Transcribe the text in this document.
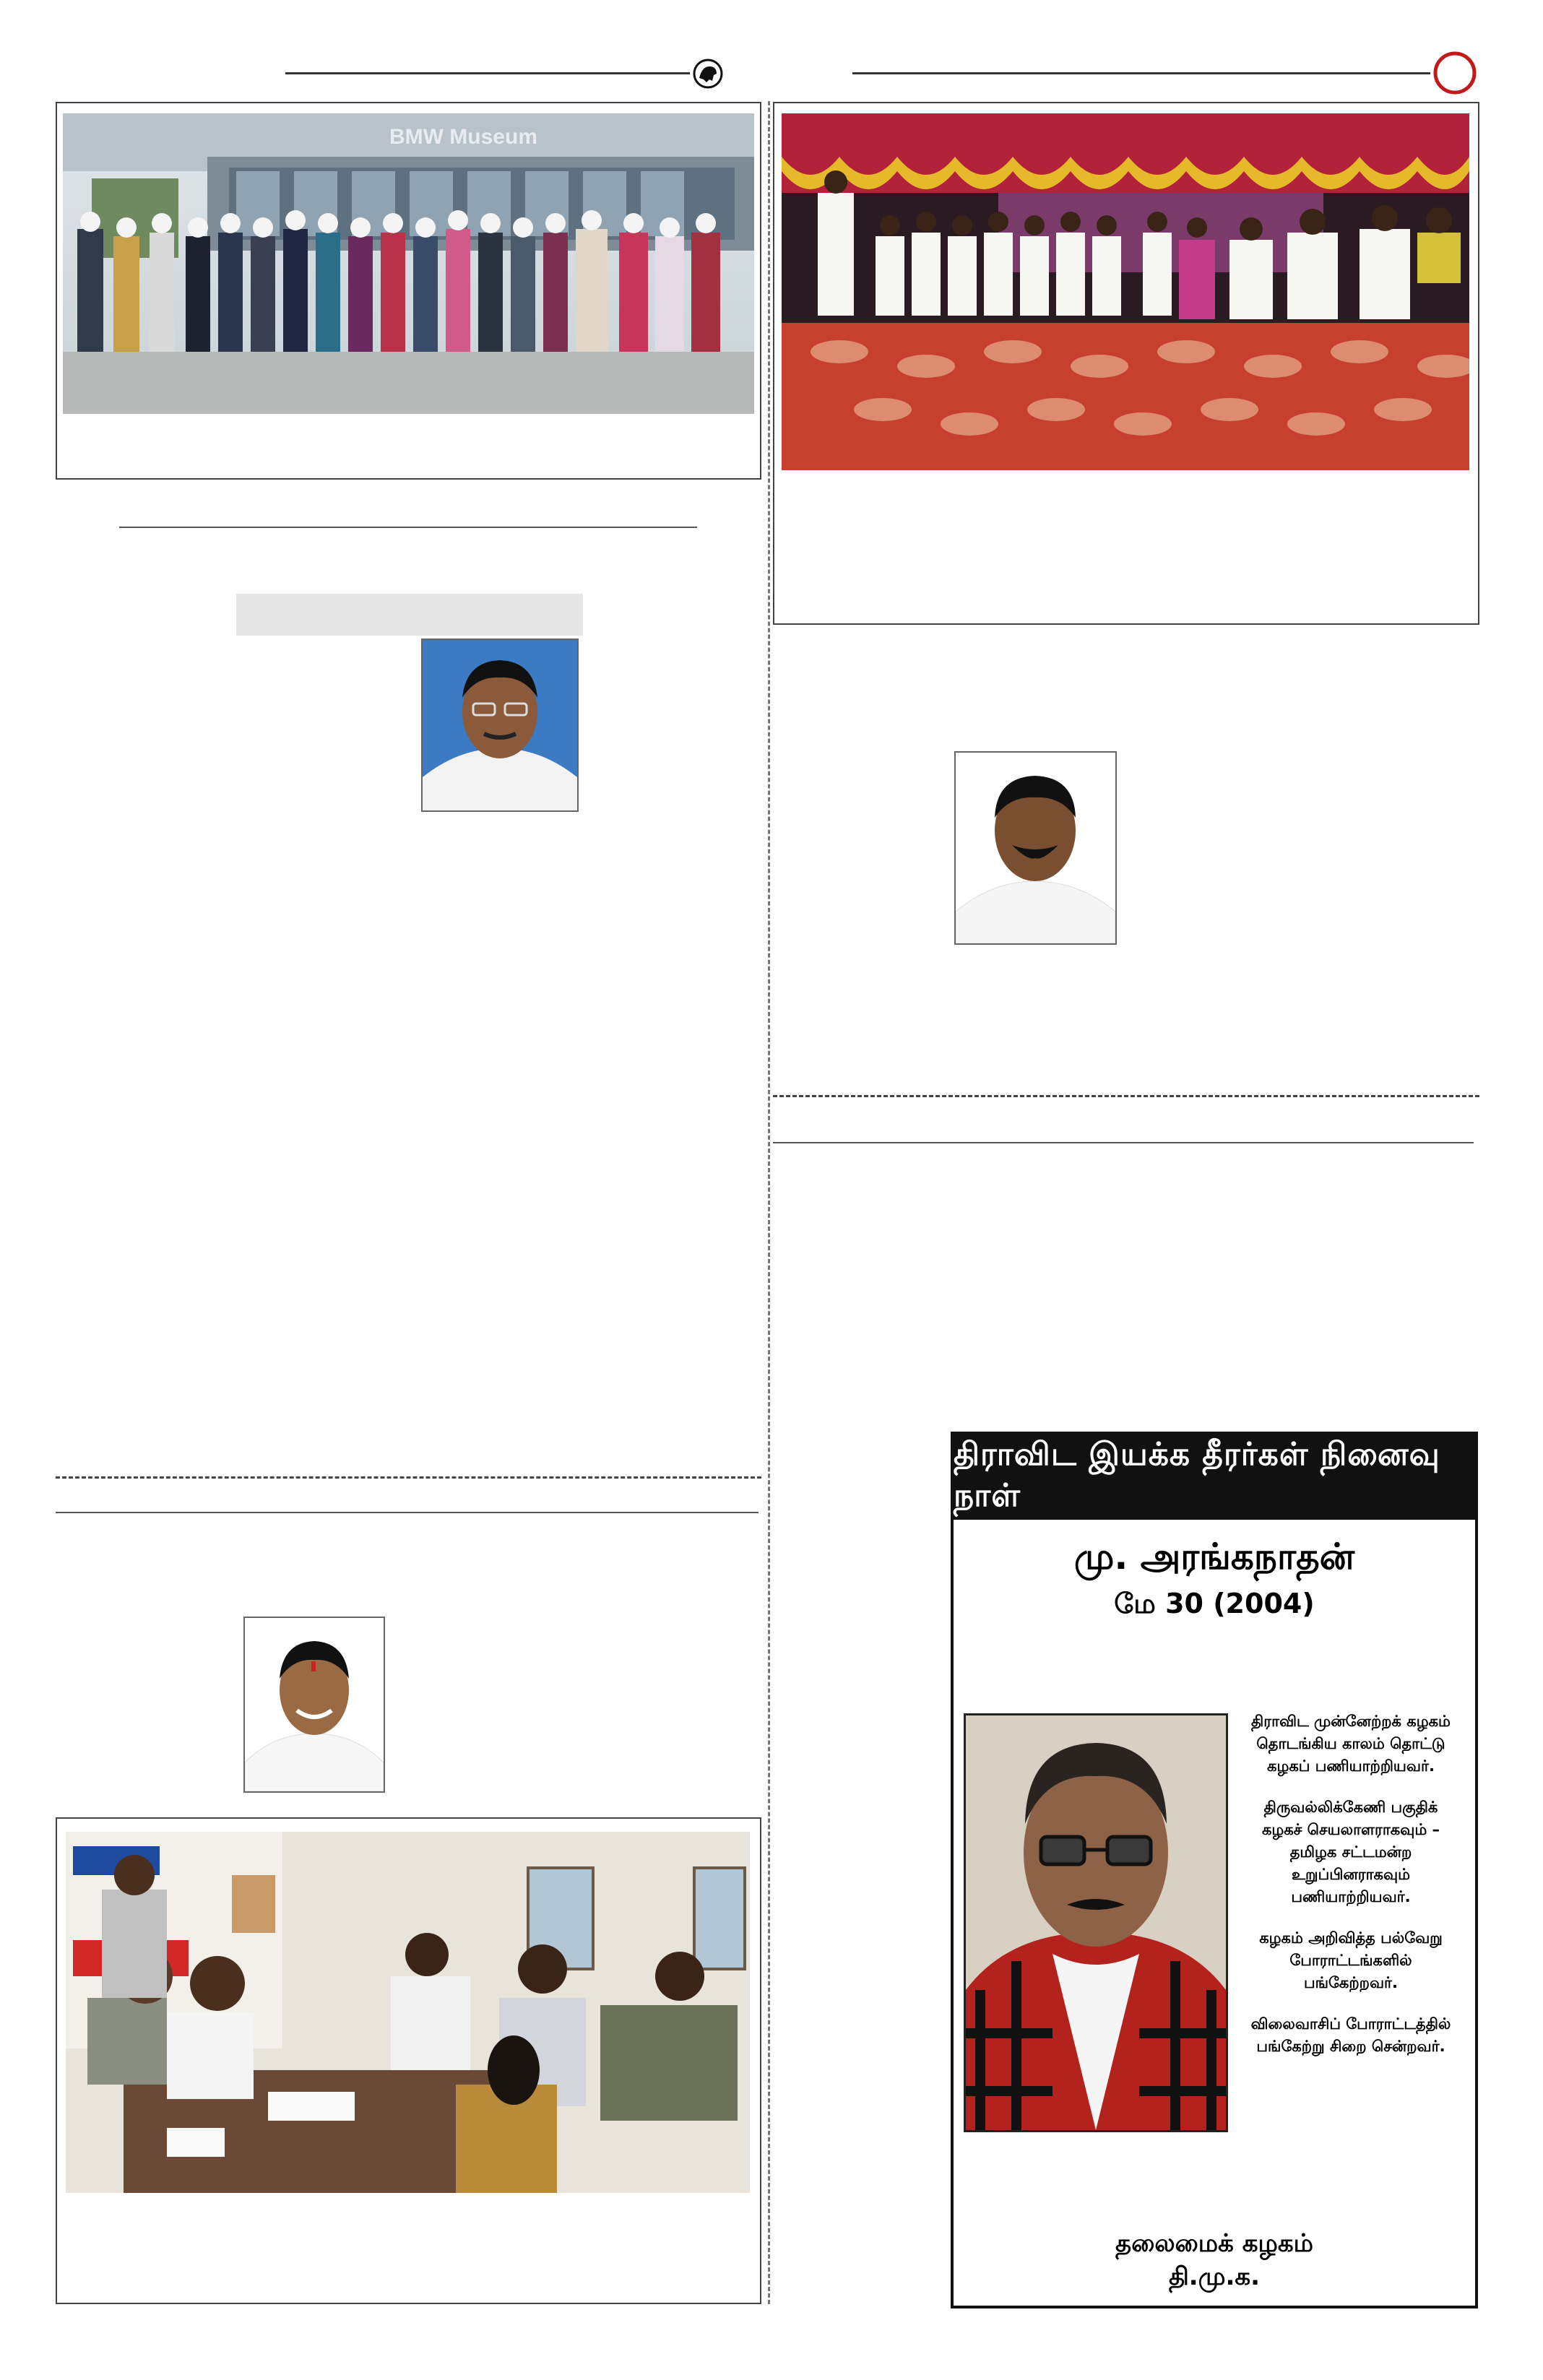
BMW Museum
திராவிட இயக்க தீரர்கள் நினைவு நாள்
மு. அரங்கநாதன்
மே 30 (2004)

திராவிட முன்னேற்றக் கழகம் தொடங்கிய காலம் தொட்டு கழகப் பணியாற்றியவர்.

திருவல்லிக்கேணி பகுதிக் கழகச் செயலாளராகவும் – தமிழக சட்டமன்ற உறுப்பினராகவும் பணியாற்றியவர்.

கழகம் அறிவித்த பல்வேறு போராட்டங்களில் பங்கேற்றவர்.

விலைவாசிப் போராட்டத்தில் பங்கேற்று சிறை சென்றவர்.

தலைமைக் கழகம்
தி.மு.க.
